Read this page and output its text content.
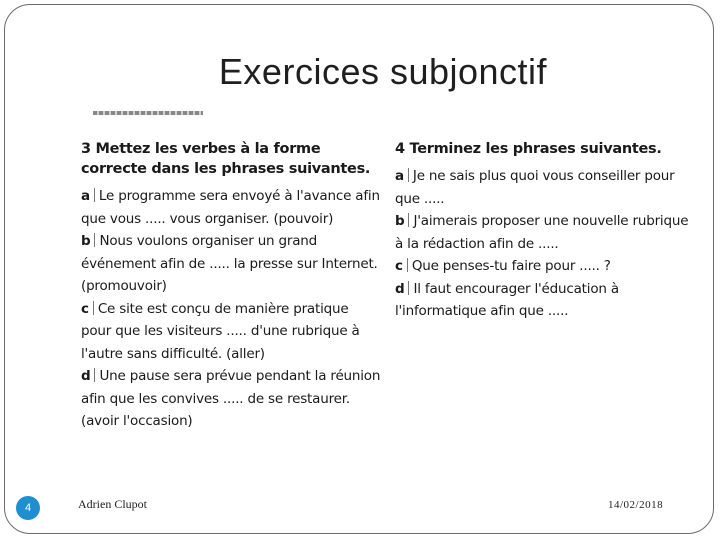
Exercices subjonctif

3 Mettez les verbes à la forme correcte dans les phrases suivantes.

a Le programme sera envoyé à l'avance afin que vous ..... vous organiser. (pouvoir)

b Nous voulons organiser un grand événement afin de ..... la presse sur Internet. (promouvoir)

c Ce site est conçu de manière pratique pour que les visiteurs ..... d'une rubrique à l'autre sans difficulté. (aller)

d Une pause sera prévue pendant la réunion afin que les convives ..... de se restaurer. (avoir l'occasion)

4 Terminez les phrases suivantes.

a Je ne sais plus quoi vous conseiller pour que .....

b J'aimerais proposer une nouvelle rubrique à la rédaction afin de .....

c Que penses-tu faire pour ..... ?

d Il faut encourager l'éducation à l'informatique afin que .....

4	Adrien Clupot	14/02/2018
